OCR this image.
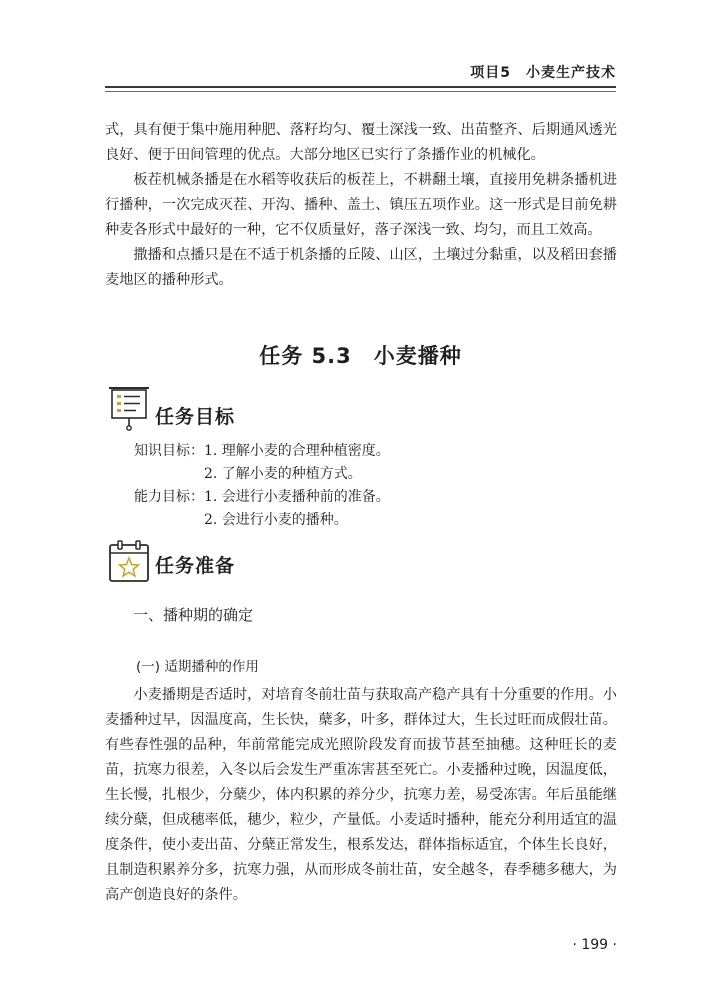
项目5　小麦生产技术

式，具有便于集中施用种肥、落籽均匀、覆土深浅一致、出苗整齐、后期通风透光良好、便于田间管理的优点。大部分地区已实行了条播作业的机械化。

板茬机械条播是在水稻等收获后的板茬上，不耕翻土壤，直接用免耕条播机进行播种，一次完成灭茬、开沟、播种、盖土、镇压五项作业。这一形式是目前免耕种麦各形式中最好的一种，它不仅质量好，落子深浅一致、均匀，而且工效高。

撒播和点播只是在不适于机条播的丘陵、山区，土壤过分黏重，以及稻田套播麦地区的播种形式。

任务 5.3　小麦播种
任务目标
知识目标：1. 理解小麦的合理种植密度。
2. 了解小麦的种植方式。
能力目标：1. 会进行小麦播种前的准备。
2. 会进行小麦的播种。
任务准备
一、播种期的确定
(一) 适期播种的作用

小麦播期是否适时，对培育冬前壮苗与获取高产稳产具有十分重要的作用。小麦播种过早，因温度高，生长快，蘖多，叶多，群体过大，生长过旺而成假壮苗。有些春性强的品种，年前常能完成光照阶段发育而拔节甚至抽穗。这种旺长的麦苗，抗寒力很差，入冬以后会发生严重冻害甚至死亡。小麦播种过晚，因温度低，生长慢，扎根少，分蘖少，体内积累的养分少，抗寒力差，易受冻害。年后虽能继续分蘖，但成穗率低，穗少，粒少，产量低。小麦适时播种，能充分利用适宜的温度条件，使小麦出苗、分蘖正常发生，根系发达，群体指标适宜，个体生长良好，且制造积累养分多，抗寒力强，从而形成冬前壮苗，安全越冬，春季穗多穗大，为高产创造良好的条件。

· 199 ·
